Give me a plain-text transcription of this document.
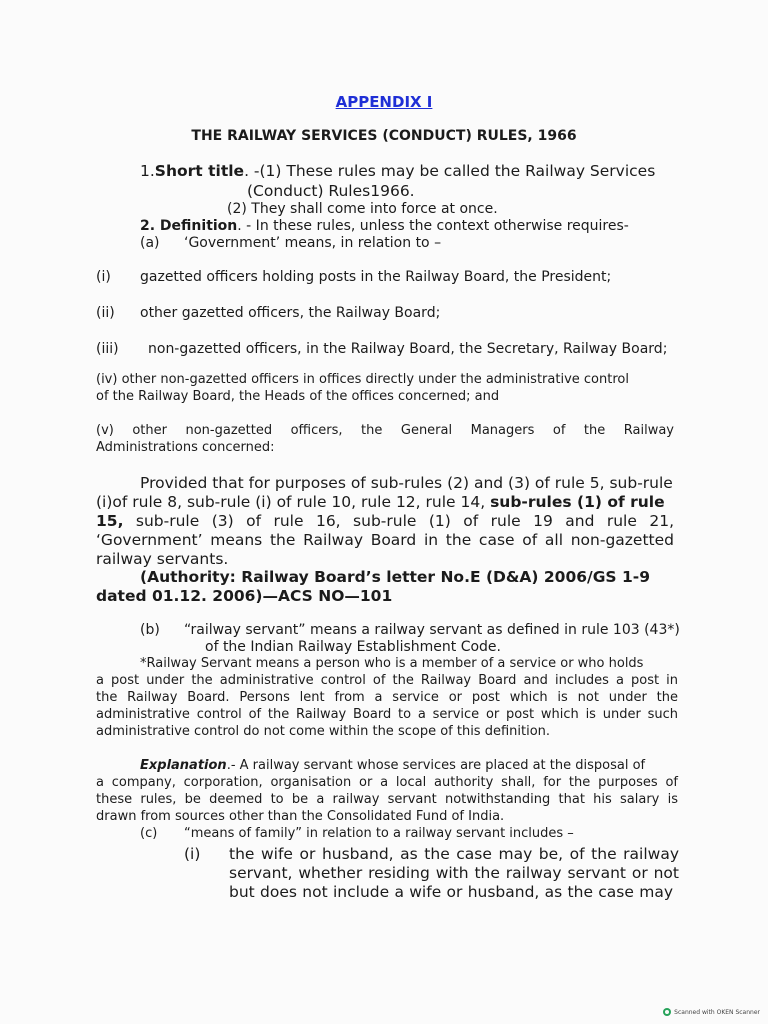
APPENDIX I

THE RAILWAY SERVICES (CONDUCT) RULES, 1966

1.Short title. -(1) These rules may be called the Railway Services

(Conduct) Rules1966.

(2) They shall come into force at once.

2. Definition. - In these rules, unless the context otherwise requires-

(a) ‘Government’ means, in relation to –

(i) gazetted officers holding posts in the Railway Board, the President;

(ii) other gazetted officers, the Railway Board;

(iii) non-gazetted officers, in the Railway Board, the Secretary, Railway Board;

(iv) other non-gazetted officers in offices directly under the administrative control

of the Railway Board, the Heads of the offices concerned; and

(v) other non-gazetted officers, the General Managers of the Railway

Administrations concerned:

Provided that for purposes of sub-rules (2) and (3) of rule 5, sub-rule

(i)of rule 8, sub-rule (i) of rule 10, rule 12, rule 14, sub-rules (1) of rule

15, sub-rule (3) of rule 16, sub-rule (1) of rule 19 and rule 21,

‘Government’ means the Railway Board in the case of all non-gazetted

railway servants.

(Authority: Railway Board’s letter No.E (D&A) 2006/GS 1-9

dated 01.12. 2006)—ACS NO—101

(b) “railway servant” means a railway servant as defined in rule 103 (43*)

of the Indian Railway Establishment Code.

*Railway Servant means a person who is a member of a service or who holds

a post under the administrative control of the Railway Board and includes a post in

the Railway Board. Persons lent from a service or post which is not under the

administrative control of the Railway Board to a service or post which is under such

administrative control do not come within the scope of this definition.

Explanation.- A railway servant whose services are placed at the disposal of

a company, corporation, organisation or a local authority shall, for the purposes of

these rules, be deemed to be a railway servant notwithstanding that his salary is

drawn from sources other than the Consolidated Fund of India.

(c) “means of family” in relation to a railway servant includes –

(i) the wife or husband, as the case may be, of the railway

servant, whether residing with the railway servant or not

but does not include a wife or husband, as the case may

Scanned with OKEN Scanner
